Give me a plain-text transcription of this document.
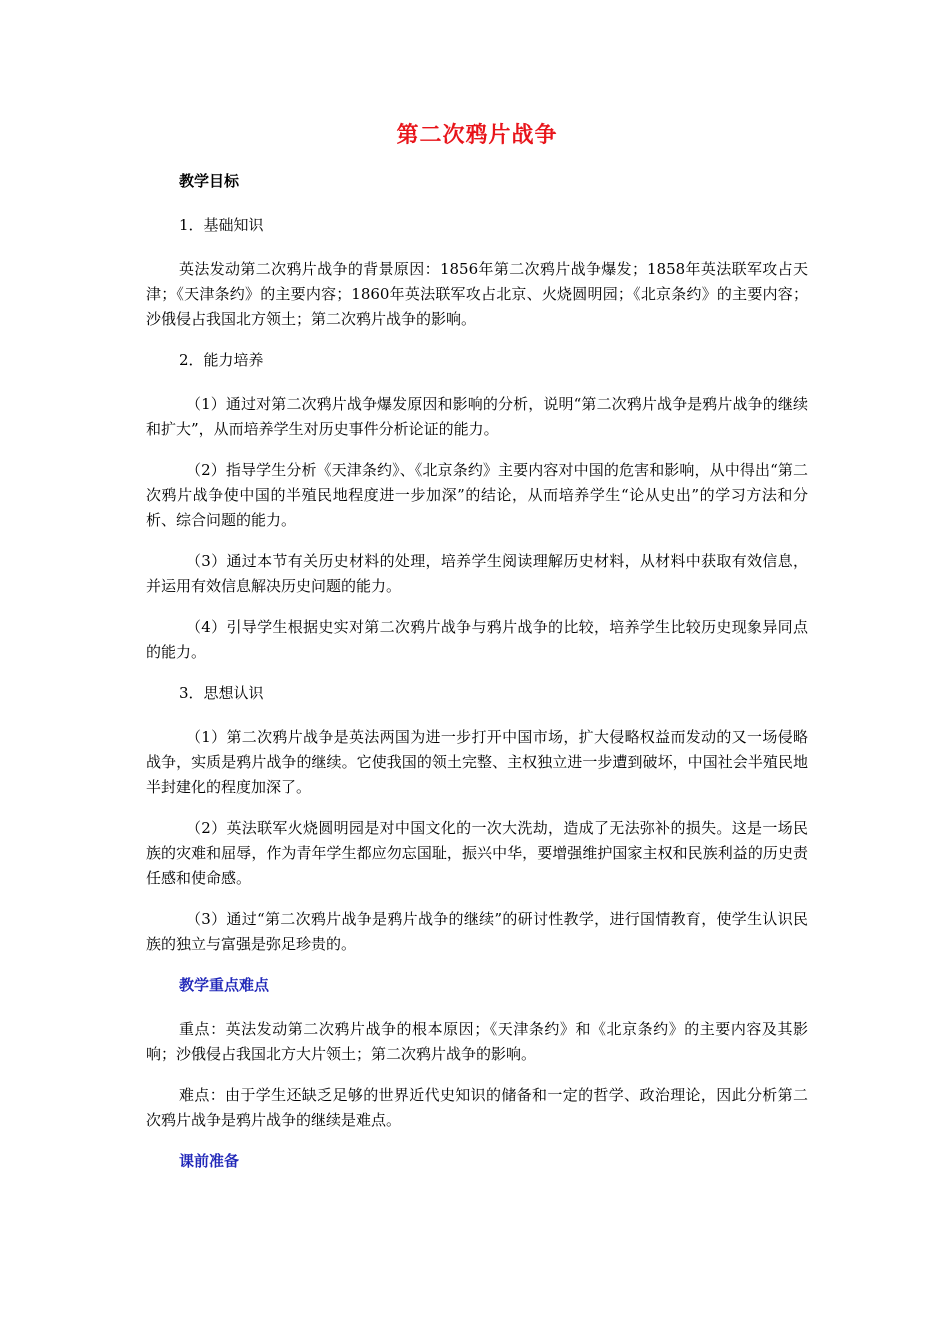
第二次鸦片战争
教学目标
1．基础知识

英法发动第二次鸦片战争的背景原因：1856年第二次鸦片战争爆发；1858年英法联军攻占天津；《天津条约》的主要内容；1860年英法联军攻占北京、火烧圆明园；《北京条约》的主要内容；沙俄侵占我国北方领土；第二次鸦片战争的影响。

2．能力培养

（1）通过对第二次鸦片战争爆发原因和影响的分析，说明“第二次鸦片战争是鸦片战争的继续和扩大”，从而培养学生对历史事件分析论证的能力。

（2）指导学生分析《天津条约》、《北京条约》主要内容对中国的危害和影响，从中得出“第二次鸦片战争使中国的半殖民地程度进一步加深”的结论，从而培养学生“论从史出”的学习方法和分析、综合问题的能力。

（3）通过本节有关历史材料的处理，培养学生阅读理解历史材料，从材料中获取有效信息，并运用有效信息解决历史问题的能力。

（4）引导学生根据史实对第二次鸦片战争与鸦片战争的比较，培养学生比较历史现象异同点的能力。

3．思想认识

（1）第二次鸦片战争是英法两国为进一步打开中国市场，扩大侵略权益而发动的又一场侵略战争，实质是鸦片战争的继续。它使我国的领土完整、主权独立进一步遭到破坏，中国社会半殖民地半封建化的程度加深了。

（2）英法联军火烧圆明园是对中国文化的一次大洗劫，造成了无法弥补的损失。这是一场民族的灾难和屈辱，作为青年学生都应勿忘国耻，振兴中华，要增强维护国家主权和民族利益的历史责任感和使命感。

（3）通过“第二次鸦片战争是鸦片战争的继续”的研讨性教学，进行国情教育，使学生认识民族的独立与富强是弥足珍贵的。

教学重点难点

重点：英法发动第二次鸦片战争的根本原因；《天津条约》和《北京条约》的主要内容及其影响；沙俄侵占我国北方大片领土；第二次鸦片战争的影响。

难点：由于学生还缺乏足够的世界近代史知识的储备和一定的哲学、政治理论，因此分析第二次鸦片战争是鸦片战争的继续是难点。

课前准备
